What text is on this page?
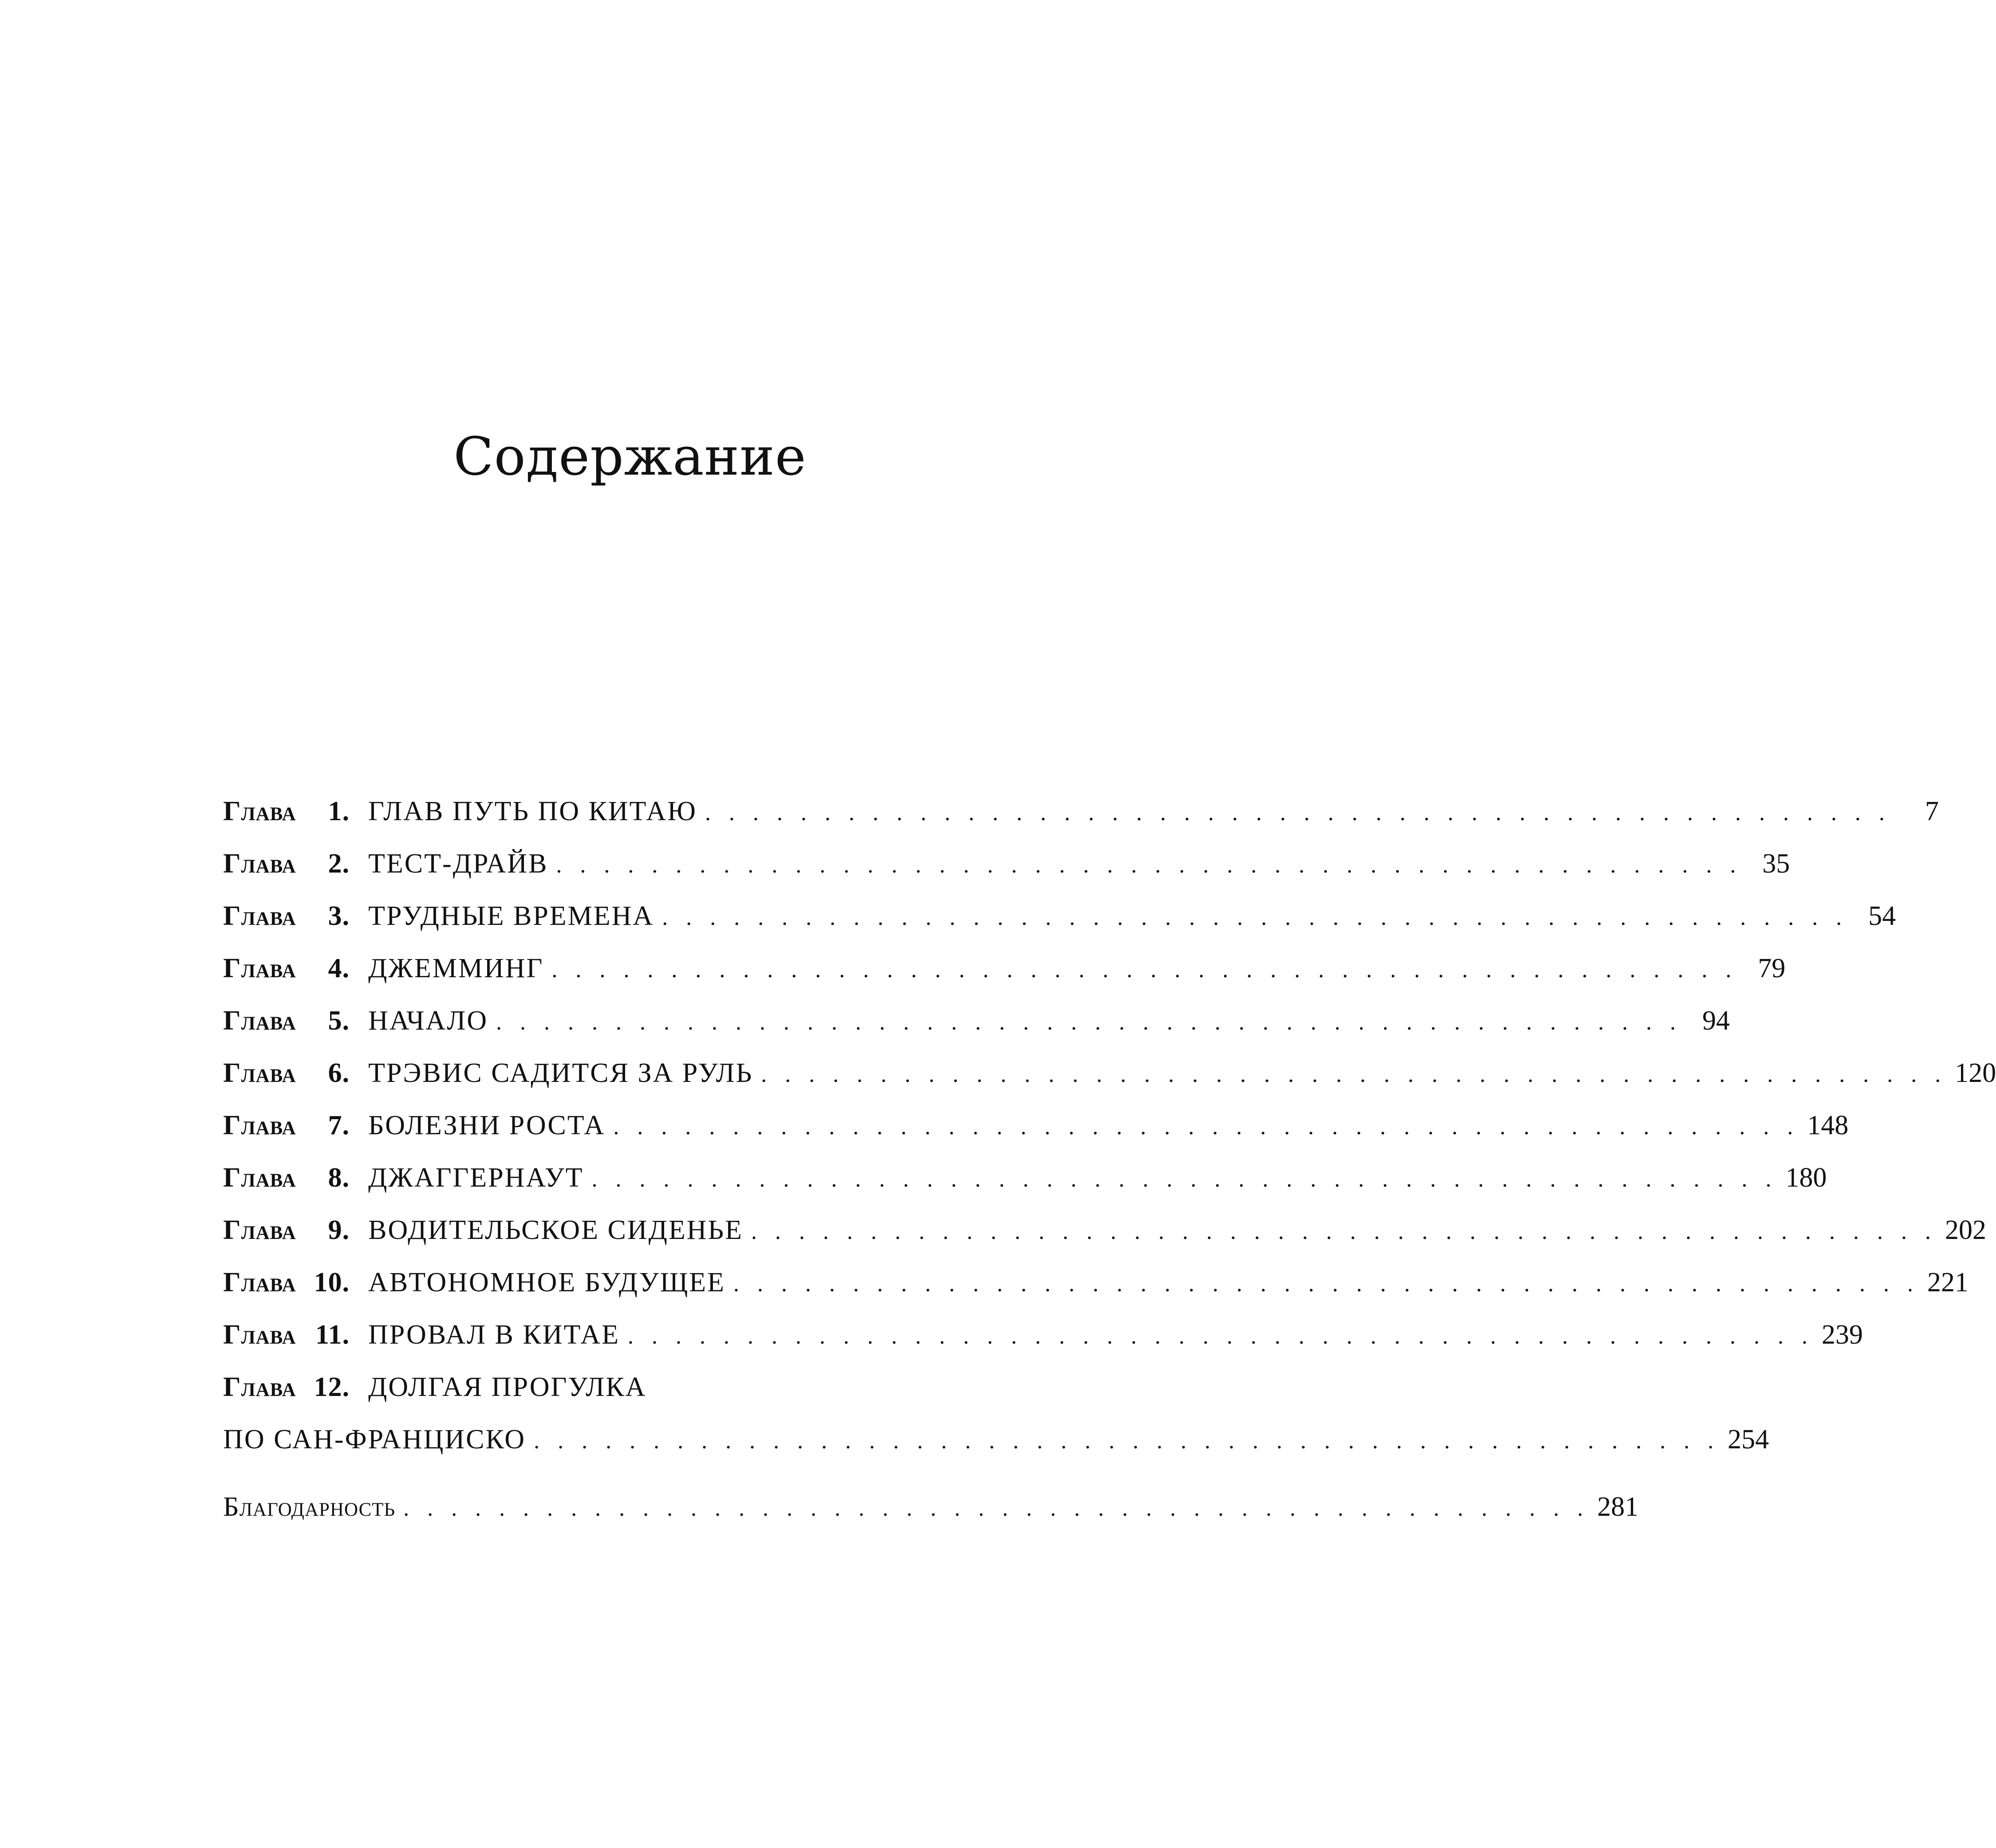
Содержание
Глава 1. ГЛАВ ПУТЬ ПО КИТАЮ . . . . . . . . . . . . . . . . . . . . . . . . . . . . . . . . . . . . . . . . . . . . . . . . . .	7
Глава 2. ТЕСТ-ДРАЙВ . . . . . . . . . . . . . . . . . . . . . . . . . . . . . . . . . . . . . . . . . . . . . . . . . . 35
Глава 3. ТРУДНЫЕ ВРЕМЕНА . . . . . . . . . . . . . . . . . . . . . . . . . . . . . . . . . . . . . . . . . . . . . . . . . . 54
Глава 4. ДЖЕММИНГ . . . . . . . . . . . . . . . . . . . . . . . . . . . . . . . . . . . . . . . . . . . . . . . . . . 79
Глава 5. НАЧАЛО . . . . . . . . . . . . . . . . . . . . . . . . . . . . . . . . . . . . . . . . . . . . . . . . . . 94
Глава 6. ТРЭВИС САДИТСЯ ЗА РУЛЬ . . . . . . . . . . . . . . . . . . . . . . . . . . . . . . . . . . . . . . . . . . . . . . . . . . 120
Глава 7. БОЛЕЗНИ РОСТА . . . . . . . . . . . . . . . . . . . . . . . . . . . . . . . . . . . . . . . . . . . . . . . . . . 148
Глава 8. ДЖАГГЕРНАУТ . . . . . . . . . . . . . . . . . . . . . . . . . . . . . . . . . . . . . . . . . . . . . . . . . . 180
Глава 9. ВОДИТЕЛЬСКОЕ СИДЕНЬЕ . . . . . . . . . . . . . . . . . . . . . . . . . . . . . . . . . . . . . . . . . . . . . . . . . . 202
Глава 10. АВТОНОМНОЕ БУДУЩЕЕ . . . . . . . . . . . . . . . . . . . . . . . . . . . . . . . . . . . . . . . . . . . . . . . . . . 221
Глава 11. ПРОВАЛ В КИТАЕ . . . . . . . . . . . . . . . . . . . . . . . . . . . . . . . . . . . . . . . . . . . . . . . . . . 239
Глава 12. ДОЛГАЯ ПРОГУЛКА
ПО САН-ФРАНЦИСКО . . . . . . . . . . . . . . . . . . . . . . . . . . . . . . . . . . . . . . . . . . . . . . . . . . 254
Благодарность . . . . . . . . . . . . . . . . . . . . . . . . . . . . . . . . . . . . . . . . . . . . . . . . . . 281
